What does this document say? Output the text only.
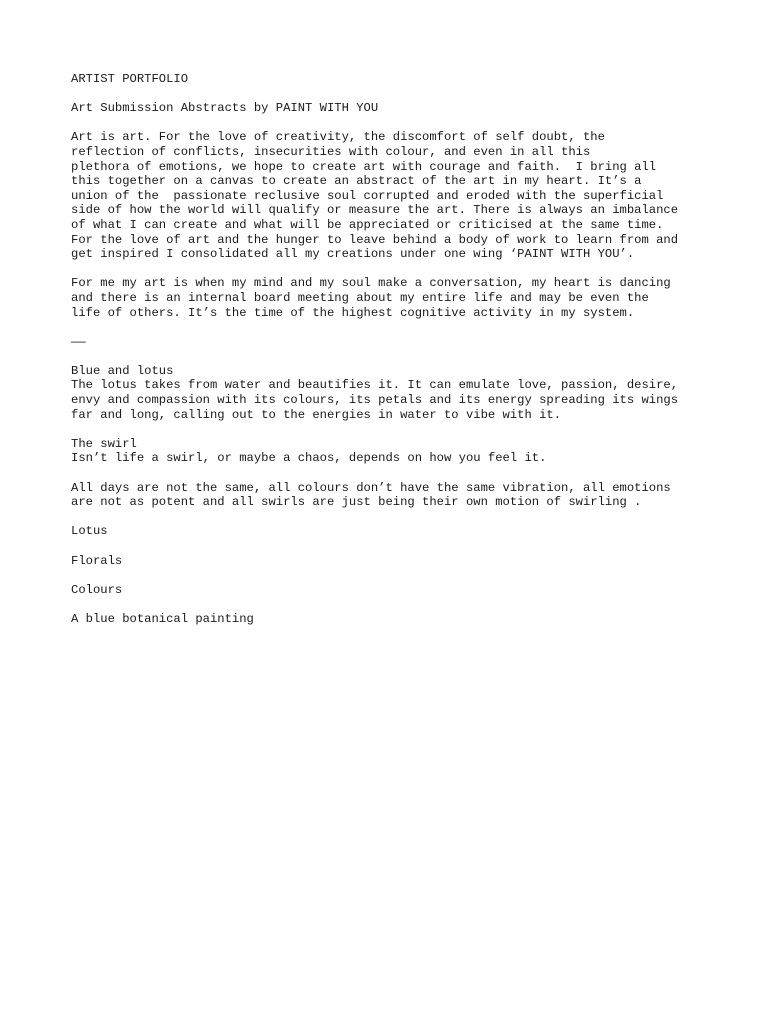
ARTIST PORTFOLIO
Art Submission Abstracts by PAINT WITH YOU
Art is art. For the love of creativity, the discomfort of self doubt, the
reflection of conflicts, insecurities with colour, and even in all this
plethora of emotions, we hope to create art with courage and faith.  I bring all
this together on a canvas to create an abstract of the art in my heart. It’s a
union of the  passionate reclusive soul corrupted and eroded with the superficial
side of how the world will qualify or measure the art. There is always an imbalance
of what I can create and what will be appreciated or criticised at the same time.
For the love of art and the hunger to leave behind a body of work to learn from and
get inspired I consolidated all my creations under one wing ‘PAINT WITH YOU’.
For me my art is when my mind and my soul make a conversation, my heart is dancing
and there is an internal board meeting about my entire life and may be even the
life of others. It’s the time of the highest cognitive activity in my system.
——
Blue and lotus
The lotus takes from water and beautifies it. It can emulate love, passion, desire,
envy and compassion with its colours, its petals and its energy spreading its wings
far and long, calling out to the energies in water to vibe with it.
The swirl
Isn’t life a swirl, or maybe a chaos, depends on how you feel it.
All days are not the same, all colours don’t have the same vibration, all emotions
are not as potent and all swirls are just being their own motion of swirling .
Lotus
Florals
Colours
A blue botanical painting
